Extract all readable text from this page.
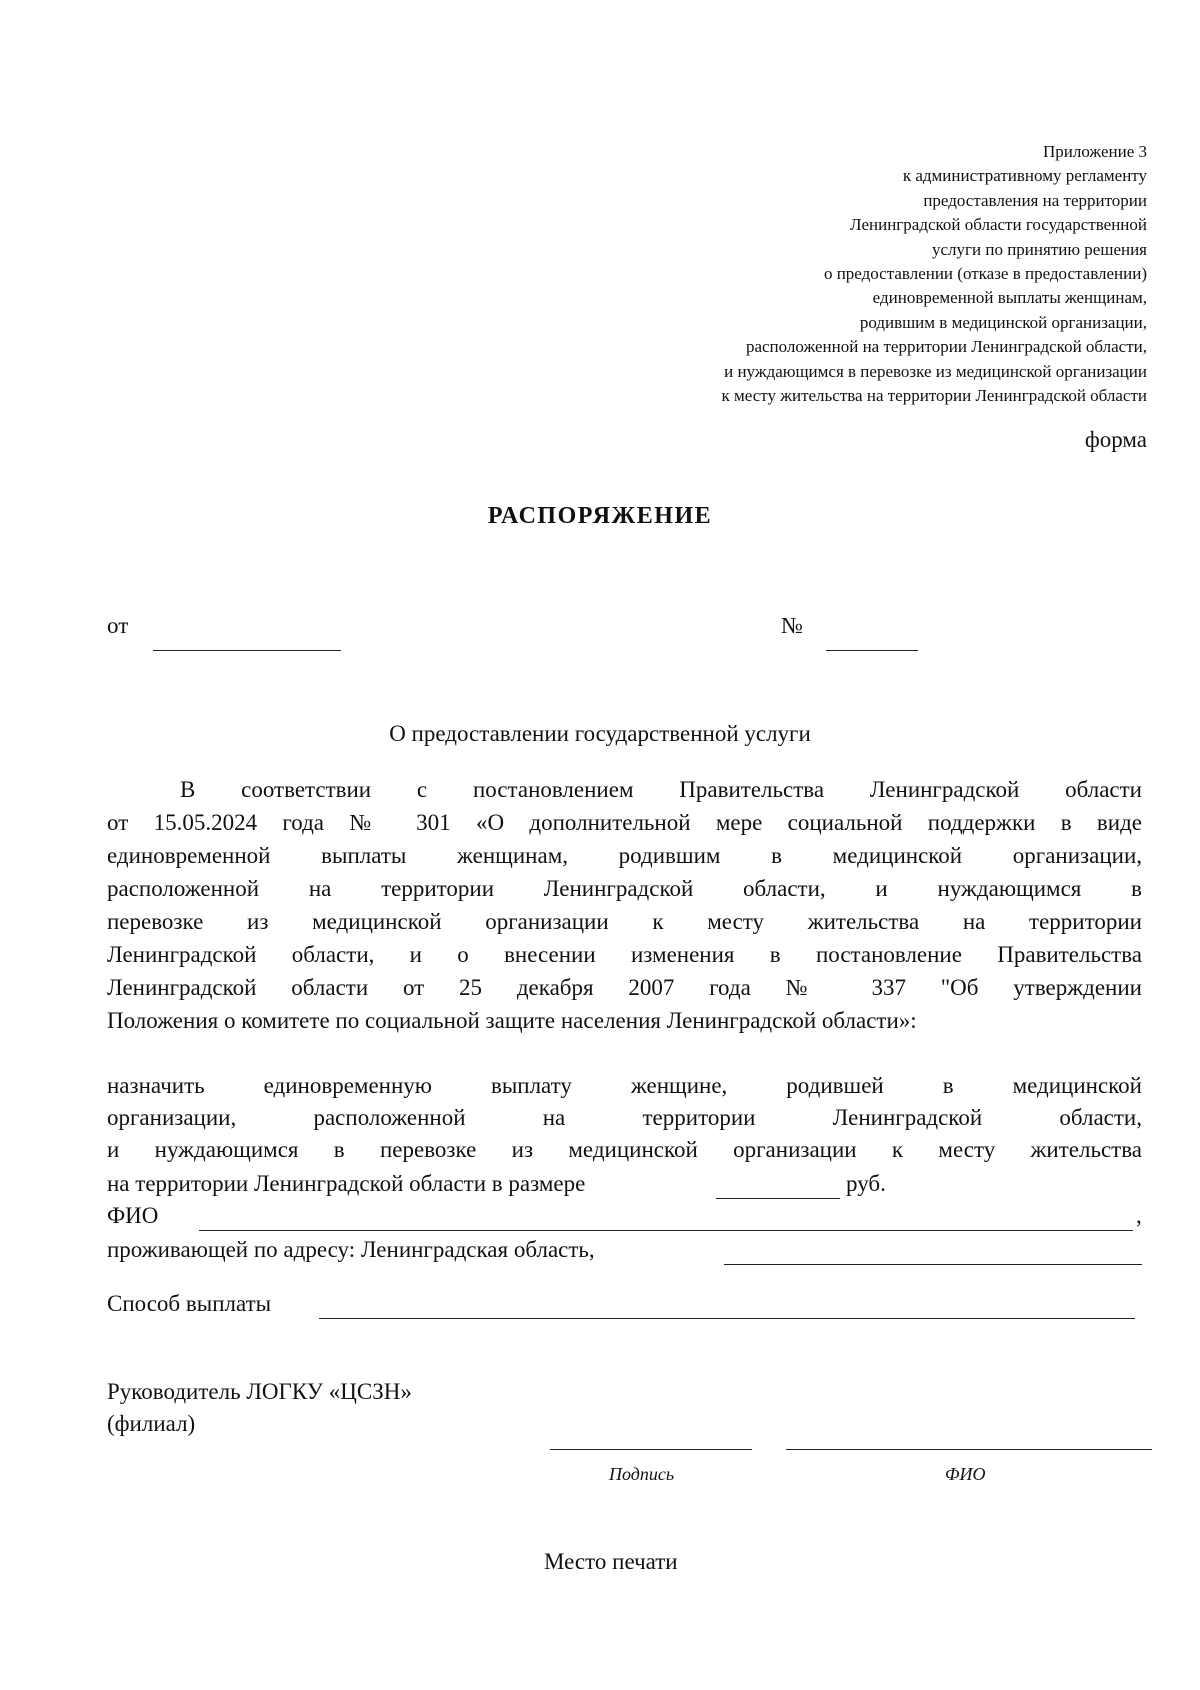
Приложение 3
к административному регламенту
предоставления на территории
Ленинградской области государственной
услуги по принятию решения
о предоставлении (отказе в предоставлении)
единовременной выплаты женщинам,
родившим в медицинской организации,
расположенной на территории Ленинградской области,
и нуждающимся в перевозке из медицинской организации
к месту жительства на территории Ленинградской области
форма
РАСПОРЯЖЕНИЕ
от	№
О предоставлении государственной услуги
В соответствии с постановлением Правительства Ленинградской области
от 15.05.2024 года № 301 «О дополнительной мере социальной поддержки в виде
единовременной выплаты женщинам, родившим в медицинской организации,
расположенной на территории Ленинградской области, и нуждающимся в
перевозке из медицинской организации к месту жительства на территории
Ленинградской области, и о внесении изменения в постановление Правительства
Ленинградской области от 25 декабря 2007 года № 337 "Об утверждении
Положения о комитете по социальной защите населения Ленинградской области»:
назначить единовременную выплату женщине, родившей в медицинской
организации, расположенной на территории Ленинградской области,
и нуждающимся в перевозке из медицинской организации к месту жительства
на территории Ленинградской области в размере	руб.
ФИО	,
проживающей по адресу: Ленинградская область,
Способ выплаты
Руководитель ЛОГКУ «ЦСЗН»
(филиал)
Подпись	ФИО
Место печати
